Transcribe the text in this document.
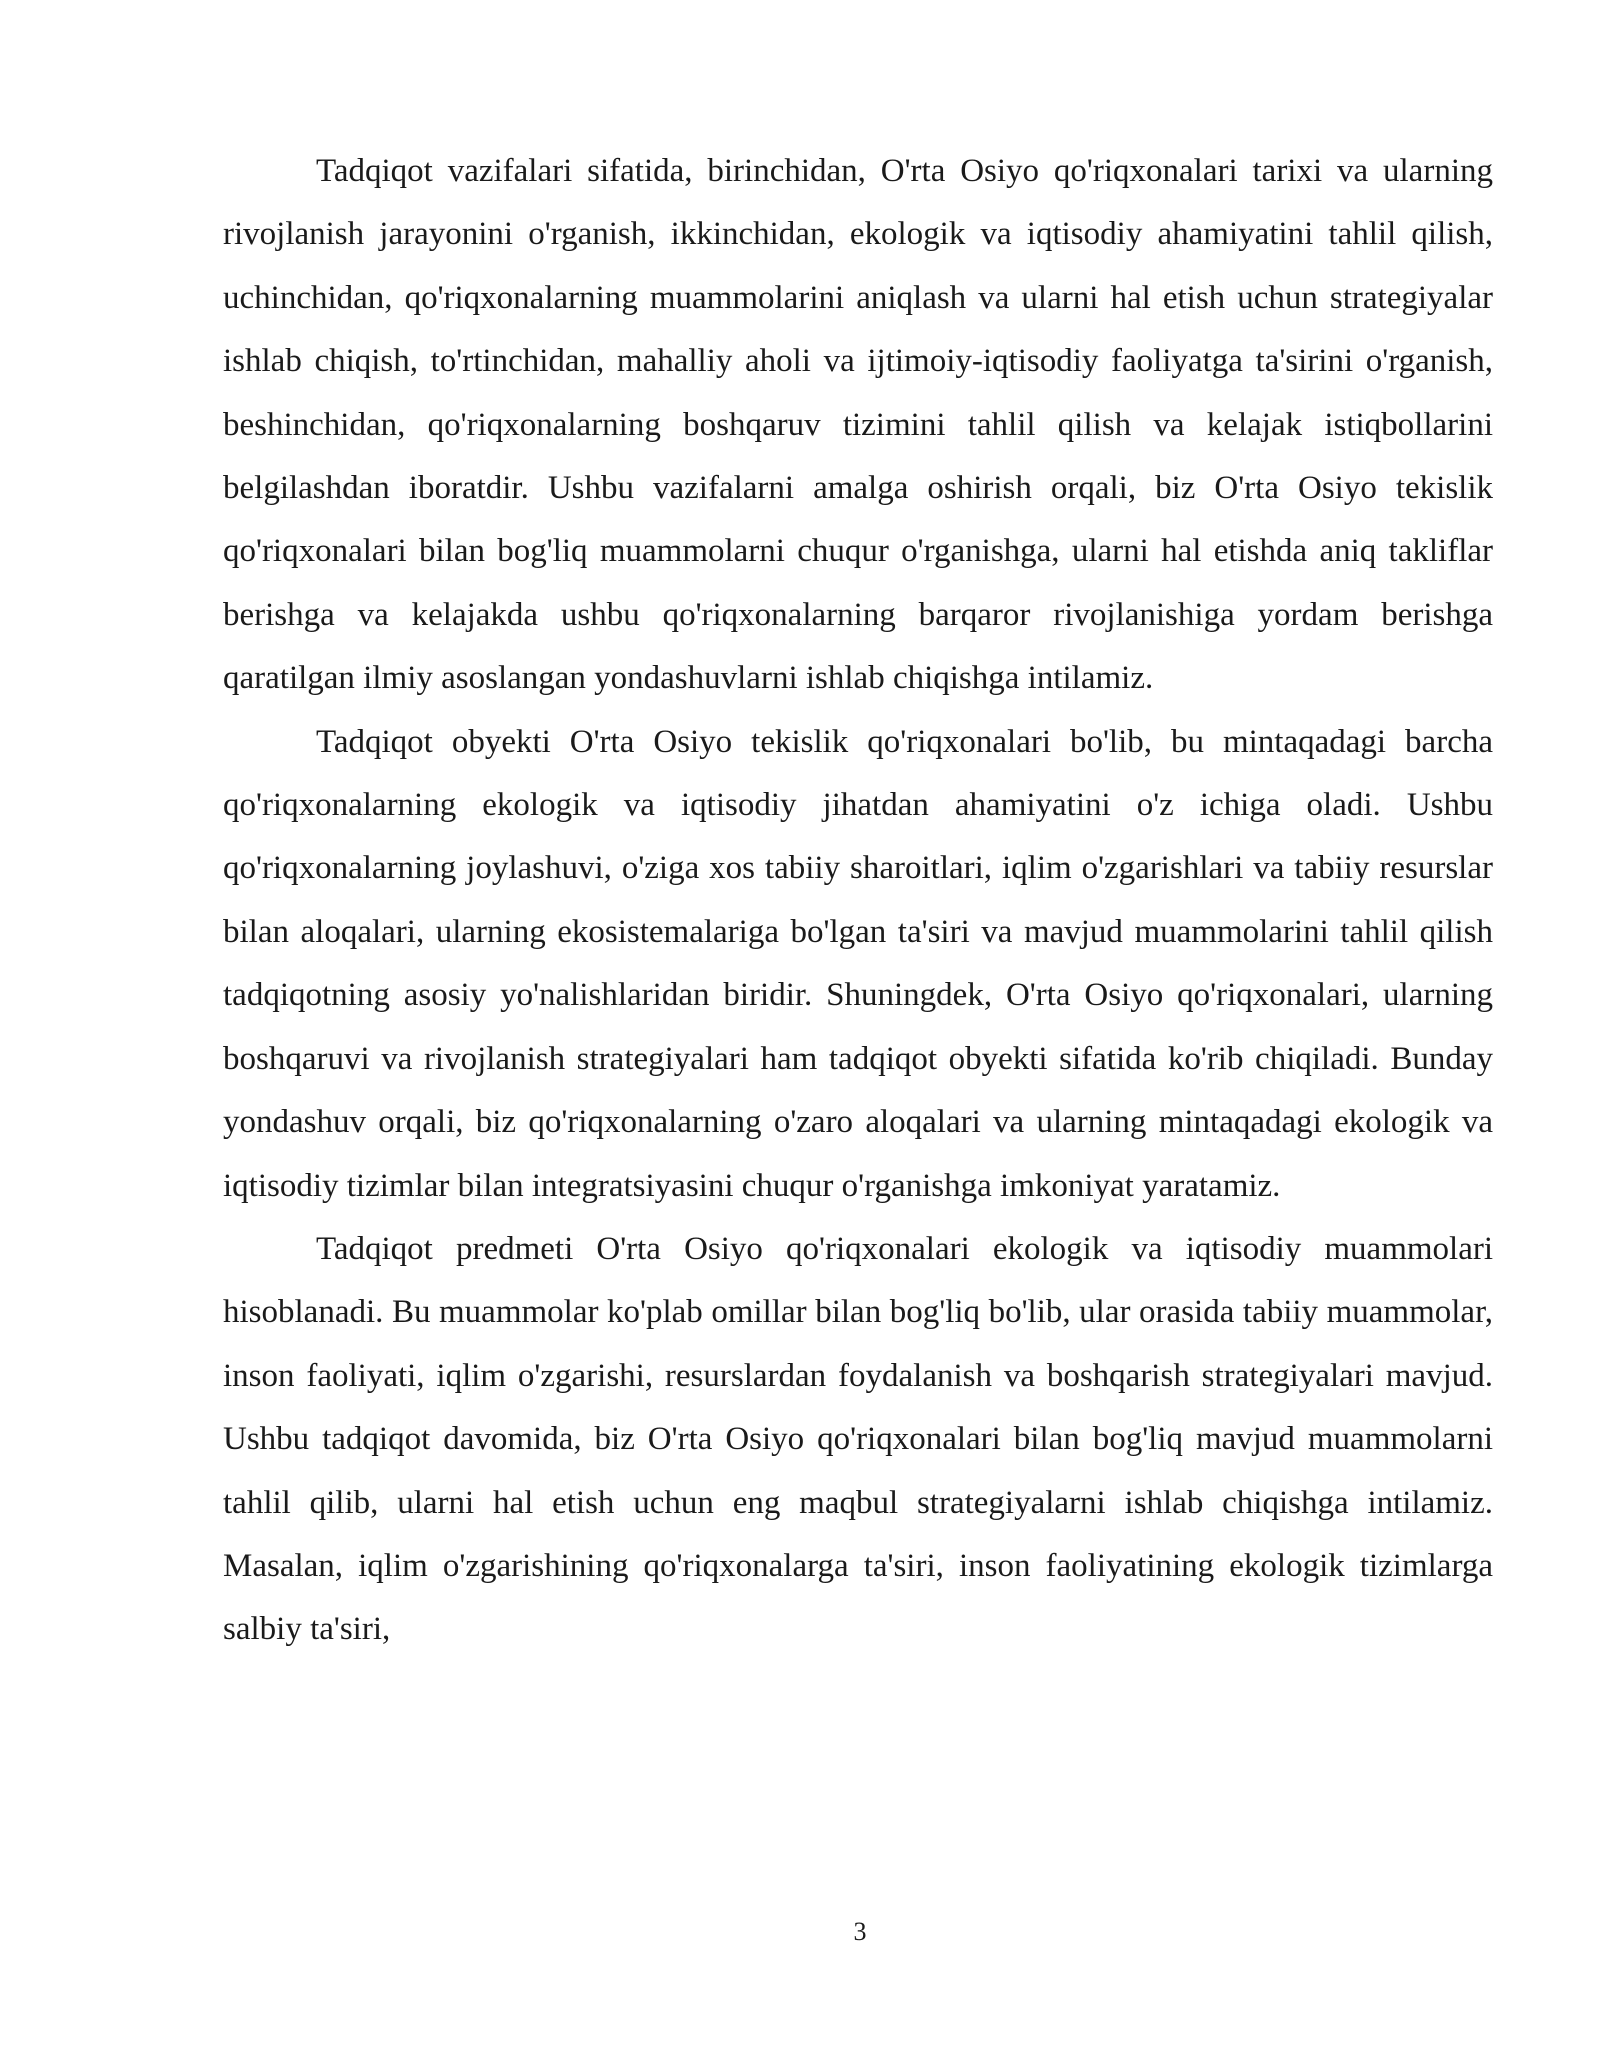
Tadqiqot vazifalari sifatida, birinchidan, O'rta Osiyo qo'riqxonalari tarixi va ularning rivojlanish jarayonini o'rganish, ikkinchidan, ekologik va iqtisodiy ahamiyatini tahlil qilish, uchinchidan, qo'riqxonalarning muammolarini aniqlash va ularni hal etish uchun strategiyalar ishlab chiqish, to'rtinchidan, mahalliy aholi va ijtimoiy-iqtisodiy faoliyatga ta'sirini o'rganish, beshinchidan, qo'riqxonalarning boshqaruv tizimini tahlil qilish va kelajak istiqbollarini belgilashdan iboratdir. Ushbu vazifalarni amalga oshirish orqali, biz O'rta Osiyo tekislik qo'riqxonalari bilan bog'liq muammolarni chuqur o'rganishga, ularni hal etishda aniq takliflar berishga va kelajakda ushbu qo'riqxonalarning barqaror rivojlanishiga yordam berishga qaratilgan ilmiy asoslangan yondashuvlarni ishlab chiqishga intilamiz.

Tadqiqot obyekti O'rta Osiyo tekislik qo'riqxonalari bo'lib, bu mintaqadagi barcha qo'riqxonalarning ekologik va iqtisodiy jihatdan ahamiyatini o'z ichiga oladi. Ushbu qo'riqxonalarning joylashuvi, o'ziga xos tabiiy sharoitlari, iqlim o'zgarishlari va tabiiy resurslar bilan aloqalari, ularning ekosistemalariga bo'lgan ta'siri va mavjud muammolarini tahlil qilish tadqiqotning asosiy yo'nalishlaridan biridir. Shuningdek, O'rta Osiyo qo'riqxonalari, ularning boshqaruvi va rivojlanish strategiyalari ham tadqiqot obyekti sifatida ko'rib chiqiladi. Bunday yondashuv orqali, biz qo'riqxonalarning o'zaro aloqalari va ularning mintaqadagi ekologik va iqtisodiy tizimlar bilan integratsiyasini chuqur o'rganishga imkoniyat yaratamiz.

Tadqiqot predmeti O'rta Osiyo qo'riqxonalari ekologik va iqtisodiy muammolari hisoblanadi. Bu muammolar ko'plab omillar bilan bog'liq bo'lib, ular orasida tabiiy muammolar, inson faoliyati, iqlim o'zgarishi, resurslardan foydalanish va boshqarish strategiyalari mavjud. Ushbu tadqiqot davomida, biz O'rta Osiyo qo'riqxonalari bilan bog'liq mavjud muammolarni tahlil qilib, ularni hal etish uchun eng maqbul strategiyalarni ishlab chiqishga intilamiz. Masalan, iqlim o'zgarishining qo'riqxonalarga ta'siri, inson faoliyatining ekologik tizimlarga salbiy ta'siri,

3
